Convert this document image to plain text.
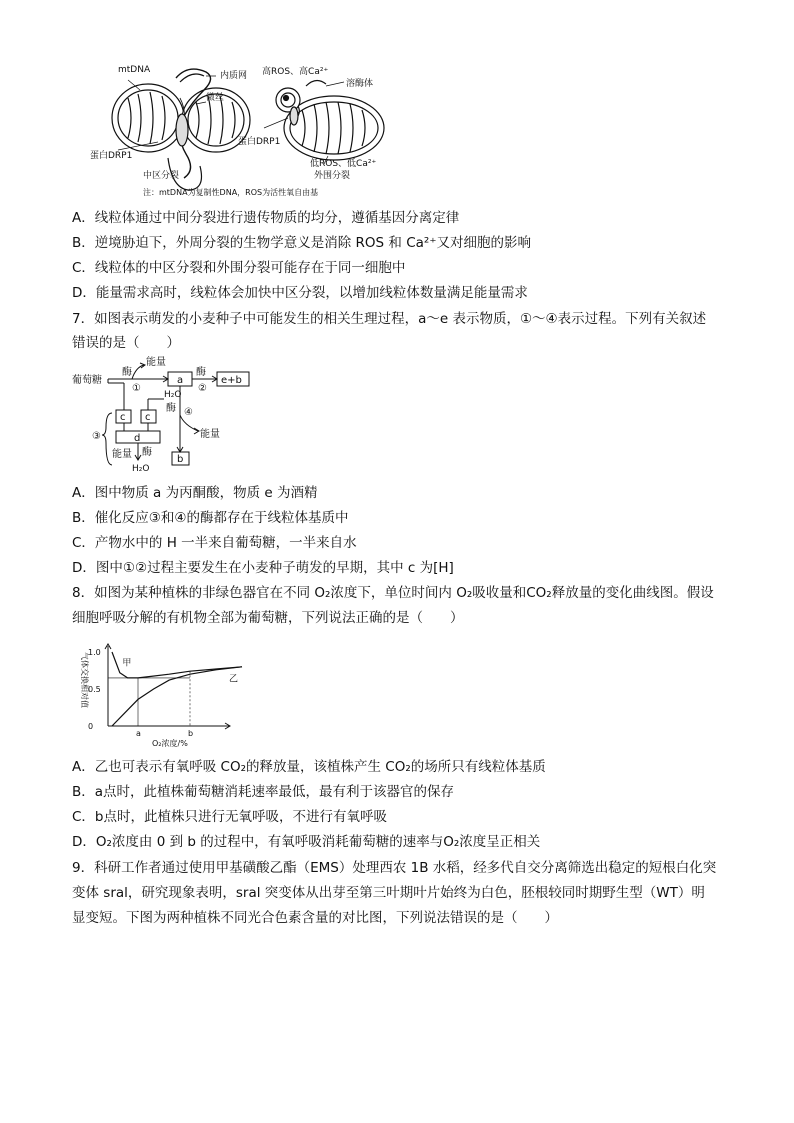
mtDNA
内质网
微丝
蛋白DRP1
中区分裂
高ROS、高Ca²⁺
溶酶体
蛋白DRP1
低ROS、低Ca²⁺
外围分裂
注：mtDNA为复制性DNA，ROS为活性氧自由基
A．线粒体通过中间分裂进行遗传物质的均分，遵循基因分离定律
B．逆境胁迫下，外周分裂的生物学意义是消除 ROS 和 Ca²⁺又对细胞的影响
C．线粒体的中区分裂和外围分裂可能存在于同一细胞中
D．能量需求高时，线粒体会加快中区分裂，以增加线粒体数量满足能量需求
7．如图表示萌发的小麦种子中可能发生的相关生理过程，a～e 表示物质，①～④表示过程。下列有关叙述
错误的是（　　）
葡萄糖
能量
酶
①
a
酶
②
e+b
H₂O
酶 ④
能量
c c
d
③
能量 酶
H₂O
b
A．图中物质 a 为丙酮酸，物质 e 为酒精
B．催化反应③和④的酶都存在于线粒体基质中
C．产物水中的 H 一半来自葡萄糖，一半来自水
D．图中①②过程主要发生在小麦种子萌发的早期，其中 c 为[H]
8．如图为某种植株的非绿色器官在不同 O₂浓度下，单位时间内 O₂吸收量和CO₂释放量的变化曲线图。假设
细胞呼吸分解的有机物全部为葡萄糖，下列说法正确的是（　　）
气体交换相对值 1.0
0.5
0
a	b
甲
乙
O₂浓度/%
A．乙也可表示有氧呼吸 CO₂的释放量，该植株产生 CO₂的场所只有线粒体基质
B．a点时，此植株葡萄糖消耗速率最低，最有利于该器官的保存
C．b点时，此植株只进行无氧呼吸，不进行有氧呼吸
D．O₂浓度由 0 到 b 的过程中，有氧呼吸消耗葡萄糖的速率与O₂浓度呈正相关
9．科研工作者通过使用甲基磺酸乙酯（EMS）处理西农 1B 水稻，经多代自交分离筛选出稳定的短根白化突
变体 sral，研究现象表明，sral 突变体从出芽至第三叶期叶片始终为白色，胚根较同时期野生型（WT）明
显变短。下图为两种植株不同光合色素含量的对比图，下列说法错误的是（　　）
